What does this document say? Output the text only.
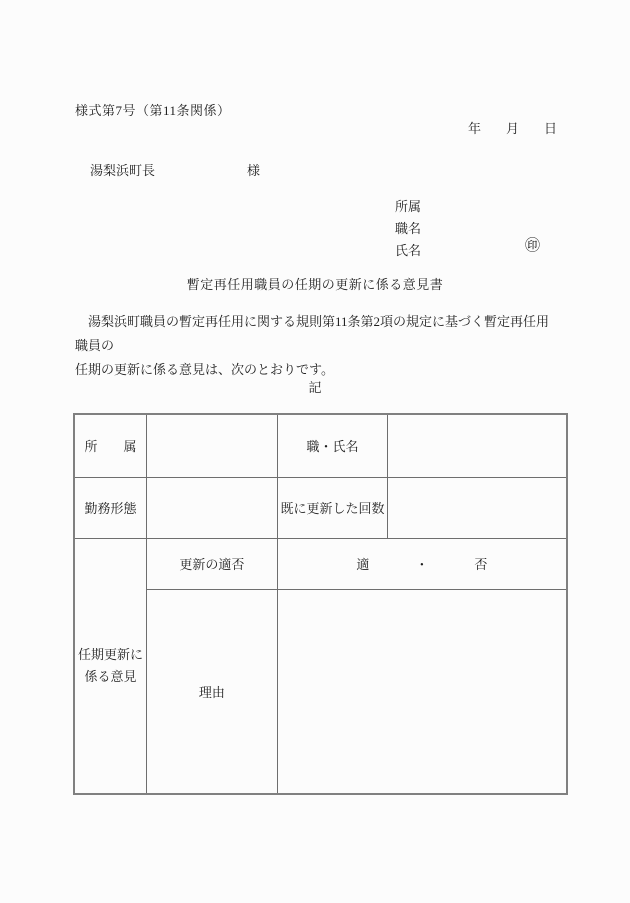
様式第7号（第11条関係）
年 月 日
湯梨浜町長	様
所属
職名
氏名	㊞
暫定再任用職員の任期の更新に係る意見書
湯梨浜町職員の暫定再任用に関する規則第11条第2項の規定に基づく暫定再任用職員の
任期の更新に係る意見は、次のとおりです。
記
所　　属		職・氏名	
勤務形態		既に更新した回数	

任期更新に
係る意見
	更新の適否	適	・	否

	理由		
